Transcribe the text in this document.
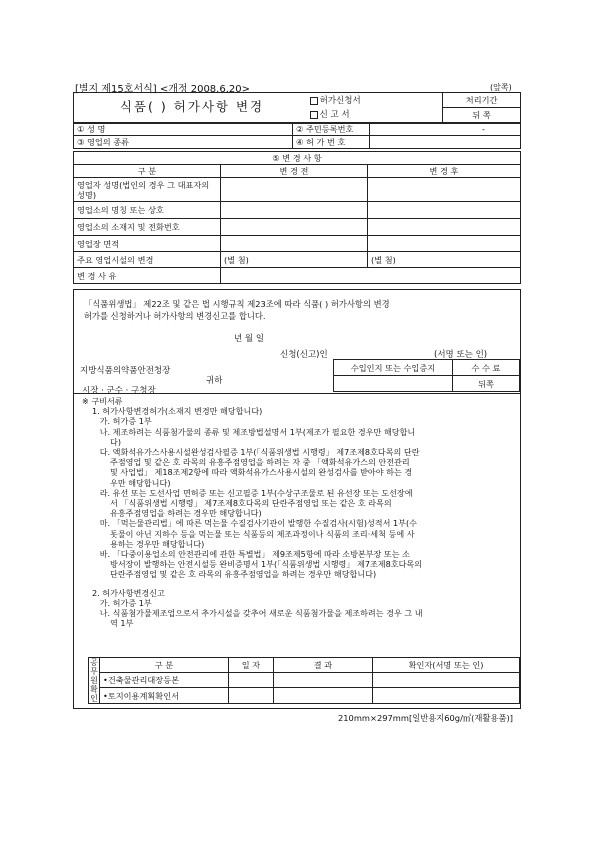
[별지 제15호서식] <개정 2008.6.20>	(앞쪽)
식품( ) 허가사항 변경	허가신청서
신 고 서	
처리기간
뒤 쪽
① 성 명	② 주민등록번호	-
③ 영업의 종류	④ 허 가 번 호	
⑤ 변 경 사 항		
구 분	변 경 전	변 경 후
영업자 성명(법인의 경우 그 대표자의 성명)		
영업소의 명칭 또는 상호		
영업소의 소재지 및 전화번호		
영업장 면적		
주요 영업시설의 변경	(별 첨)	(별 첨)
변 경 사 유		
「식품위생법」 제22조 및 같은 법 시행규칙 제23조에 따라 식품( ) 허가사항의 변경
허가를 신청하거나 허가사항의 변경신고를 합니다.
년 월 일
신청(신고)인	(서명 또는 인)
지방식품의약품안전청장
귀하
시장 · 군수 · 구청장
수입인지 또는 수입증지	수 수 료
	뒤쪽

※ 구비서류

1. 허가사항변경허가(소재지 변경만 해당합니다)

가. 허가증 1부

나. 제조하려는 식품첨가물의 종류 및 제조방법설명서 1부(제조가 필요한 경우만 해당합니

다)

다. 액화석유가스사용시설완성검사필증 1부(「식품위생법 시행령」 제7조제8호다목의 단란

주점영업 및 같은 호 라목의 유흥주점영업을 하려는 자 중 「액화석유가스의 안전관리

및 사업법」 제18조제2항에 따라 액화석유가스사용시설의 완성검사를 받아야 하는 경

우만 해당합니다)

라. 유선 또는 도선사업 면허증 또는 신고필증 1부(수상구조물로 된 유선장 또는 도선장에

서 「식품위생법 시행령」 제7조제8호다목의 단란주점영업 또는 같은 호 라목의

유흥주점영업을 하려는 경우만 해당합니다)

마. 「먹는물관리법」에 따른 먹는물 수질검사기관이 발행한 수질검사(시험)성적서 1부(수

돗물이 아닌 지하수 등을 먹는물 또는 식품등의 제조과정이나 식품의 조리·세척 등에 사

용하는 경우만 해당합니다)

바. 「다중이용업소의 안전관리에 관한 특별법」 제9조제5항에 따라 소방본부장 또는 소

방서장이 발행하는 안전시설등 완비증명서 1부(「식품위생법 시행령」 제7조제8호다목의

단란주점영업 및 같은 호 라목의 유흥주점영업을 하려는 경우만 해당합니다)

2. 허가사항변경신고

가. 허가증 1부

나. 식품첨가물제조업으로서 추가시설을 갖추어 새로운 식품첨가물을 제조하려는 경우 그 내

역 1부

공
무
원
확
인	구 분	일 자	결 과	확인자(서명 또는 인)
	•건축물관리대장등본			
	•토지이용계획확인서			
210mm×297mm[일반용지60g/㎡(재활용품)]
